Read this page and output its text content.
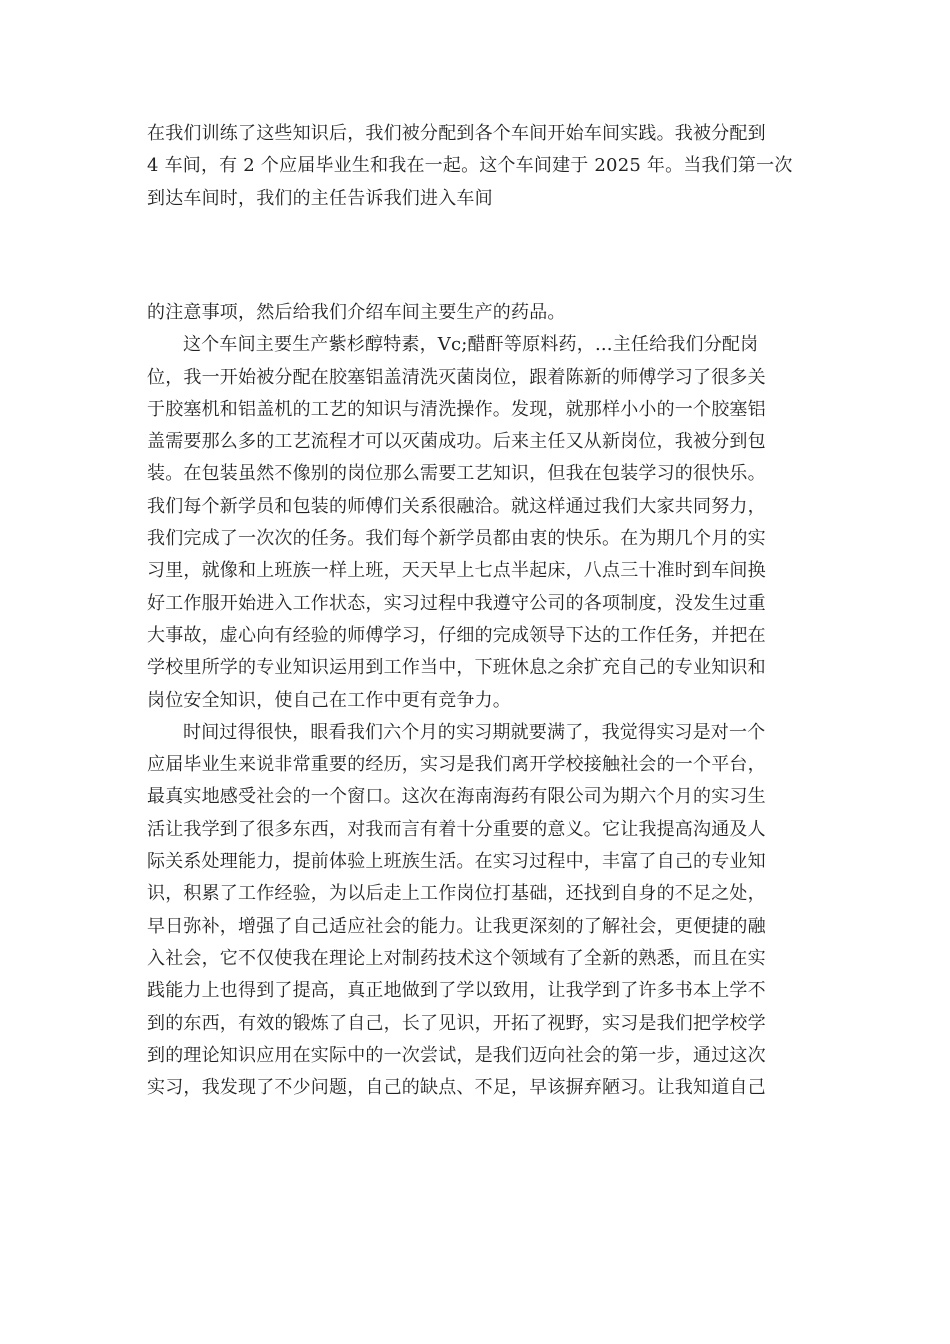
在我们训练了这些知识后，我们被分配到各个车间开始车间实践。我被分配到
4 车间，有 2 个应届毕业生和我在一起。这个车间建于 2025 年。当我们第一次
到达车间时，我们的主任告诉我们进入车间
的注意事项，然后给我们介绍车间主要生产的药品。
这个车间主要生产紫杉醇特素，Vc;醋酐等原料药，...主任给我们分配岗
位，我一开始被分配在胶塞铝盖清洗灭菌岗位，跟着陈新的师傅学习了很多关
于胶塞机和铝盖机的工艺的知识与清洗操作。发现，就那样小小的一个胶塞铝
盖需要那么多的工艺流程才可以灭菌成功。后来主任又从新岗位，我被分到包
装。在包装虽然不像别的岗位那么需要工艺知识，但我在包装学习的很快乐。
我们每个新学员和包装的师傅们关系很融洽。就这样通过我们大家共同努力，
我们完成了一次次的任务。我们每个新学员都由衷的快乐。在为期几个月的实
习里，就像和上班族一样上班，天天早上七点半起床，八点三十准时到车间换
好工作服开始进入工作状态，实习过程中我遵守公司的各项制度，没发生过重
大事故，虚心向有经验的师傅学习，仔细的完成领导下达的工作任务，并把在
学校里所学的专业知识运用到工作当中，下班休息之余扩充自己的专业知识和
岗位安全知识，使自己在工作中更有竞争力。
时间过得很快，眼看我们六个月的实习期就要满了，我觉得实习是对一个
应届毕业生来说非常重要的经历，实习是我们离开学校接触社会的一个平台，
最真实地感受社会的一个窗口。这次在海南海药有限公司为期六个月的实习生
活让我学到了很多东西，对我而言有着十分重要的意义。它让我提高沟通及人
际关系处理能力，提前体验上班族生活。在实习过程中，丰富了自己的专业知
识，积累了工作经验，为以后走上工作岗位打基础，还找到自身的不足之处，
早日弥补，增强了自己适应社会的能力。让我更深刻的了解社会，更便捷的融
入社会，它不仅使我在理论上对制药技术这个领域有了全新的熟悉，而且在实
践能力上也得到了提高，真正地做到了学以致用，让我学到了许多书本上学不
到的东西，有效的锻炼了自己，长了见识，开拓了视野，实习是我们把学校学
到的理论知识应用在实际中的一次尝试，是我们迈向社会的第一步，通过这次
实习，我发现了不少问题，自己的缺点、不足，早该摒弃陋习。让我知道自己
